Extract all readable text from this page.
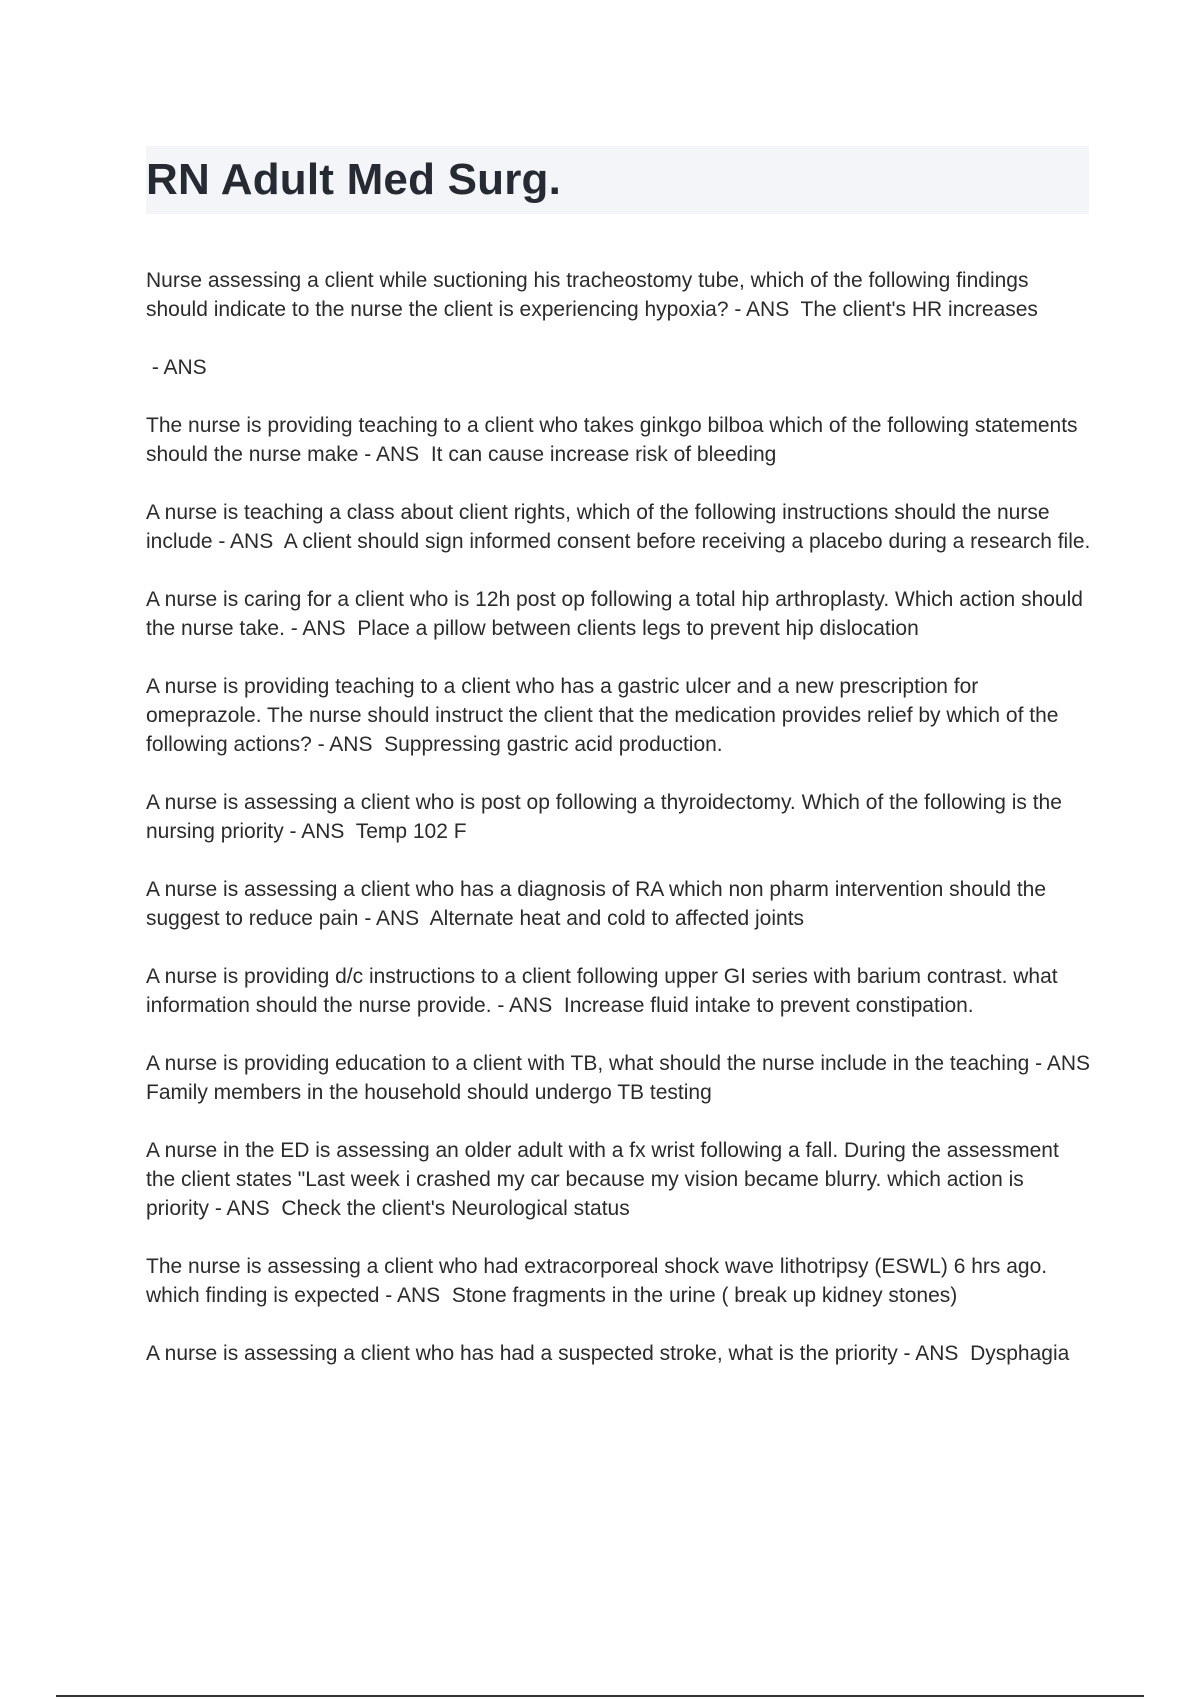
RN Adult Med Surg.
Nurse assessing a client while suctioning his tracheostomy tube, which of the following findings should indicate to the nurse the client is experiencing hypoxia? - ANS  The client's HR increases
- ANS
The nurse is providing teaching to a client who takes ginkgo bilboa which of the following statements should the nurse make - ANS  It can cause increase risk of bleeding
A nurse is teaching a class about client rights, which of the following instructions should the nurse include - ANS  A client should sign informed consent before receiving a placebo during a research file.
A nurse is caring for a client who is 12h post op following a total hip arthroplasty. Which action should the nurse take. - ANS  Place a pillow between clients legs to prevent hip dislocation
A nurse is providing teaching to a client who has a gastric ulcer and a new prescription for omeprazole. The nurse should instruct the client that the medication provides relief by which of the following actions? - ANS  Suppressing gastric acid production.
A nurse is assessing a client who is post op following a thyroidectomy. Which of the following is the nursing priority - ANS  Temp 102 F
A nurse is assessing a client who has a diagnosis of RA which non pharm intervention should the suggest to reduce pain - ANS  Alternate heat and cold to affected joints
A nurse is providing d/c instructions to a client following upper GI series with barium contrast. what information should the nurse provide. - ANS  Increase fluid intake to prevent constipation.
A nurse is providing education to a client with TB, what should the nurse include in the teaching - ANS  Family members in the household should undergo TB testing
A nurse in the ED is assessing an older adult with a fx wrist following a fall. During the assessment the client states "Last week i crashed my car because my vision became blurry. which action is priority - ANS  Check the client's Neurological status
The nurse is assessing a client who had extracorporeal shock wave lithotripsy (ESWL) 6 hrs ago. which finding is expected - ANS  Stone fragments in the urine ( break up kidney stones)
A nurse is assessing a client who has had a suspected stroke, what is the priority - ANS  Dysphagia
